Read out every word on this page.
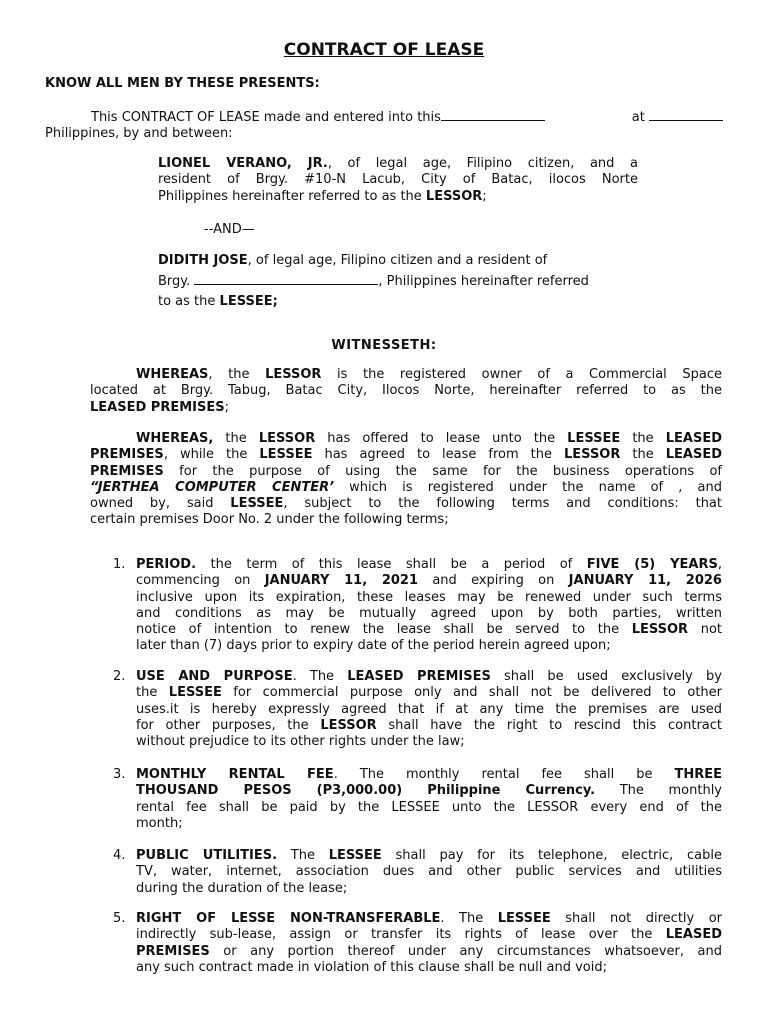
CONTRACT OF LEASE
KNOW ALL MEN BY THESE PRESENTS:
This CONTRACT OF LEASE made and entered into this	at
Philippines, by and between:
LIONEL VERANO, JR., of legal age, Filipino citizen, and a
resident of Brgy. #10-N Lacub, City of Batac, ilocos Norte
Philippines hereinafter referred to as the LESSOR;
--AND—
DIDITH JOSE, of legal age, Filipino citizen and a resident of
Brgy.	, Philippines hereinafter referred
to as the LESSEE;
WITNESSETH:
WHEREAS, the LESSOR is the registered owner of a Commercial Space
located at Brgy. Tabug, Batac City, Ilocos Norte, hereinafter referred to as the
LEASED PREMISES;
WHEREAS, the LESSOR has offered to lease unto the LESSEE the LEASED
PREMISES, while the LESSEE has agreed to lease from the LESSOR the LEASED
PREMISES for the purpose of using the same for the business operations of
“JERTHEA COMPUTER CENTER’ which is registered under the name of , and
owned by, said LESSEE, subject to the following terms and conditions: that
certain premises Door No. 2 under the following terms;
1. PERIOD. the term of this lease shall be a period of FIVE (5) YEARS,
commencing on JANUARY 11, 2021 and expiring on JANUARY 11, 2026
inclusive upon its expiration, these leases may be renewed under such terms
and conditions as may be mutually agreed upon by both parties, written
notice of intention to renew the lease shall be served to the LESSOR not
later than (7) days prior to expiry date of the period herein agreed upon;
2. USE AND PURPOSE. The LEASED PREMISES shall be used exclusively by
the LESSEE for commercial purpose only and shall not be delivered to other
uses.it is hereby expressly agreed that if at any time the premises are used
for other purposes, the LESSOR shall have the right to rescind this contract
without prejudice to its other rights under the law;
3. MONTHLY RENTAL FEE. The monthly rental fee shall be THREE
THOUSAND PESOS (P3,000.00) Philippine Currency. The monthly
rental fee shall be paid by the LESSEE unto the LESSOR every end of the
month;
4. PUBLIC UTILITIES. The LESSEE shall pay for its telephone, electric, cable
TV, water, internet, association dues and other public services and utilities
during the duration of the lease;
5. RIGHT OF LESSE NON-TRANSFERABLE. The LESSEE shall not directly or
indirectly sub-lease, assign or transfer its rights of lease over the LEASED
PREMISES or any portion thereof under any circumstances whatsoever, and
any such contract made in violation of this clause shall be null and void;
